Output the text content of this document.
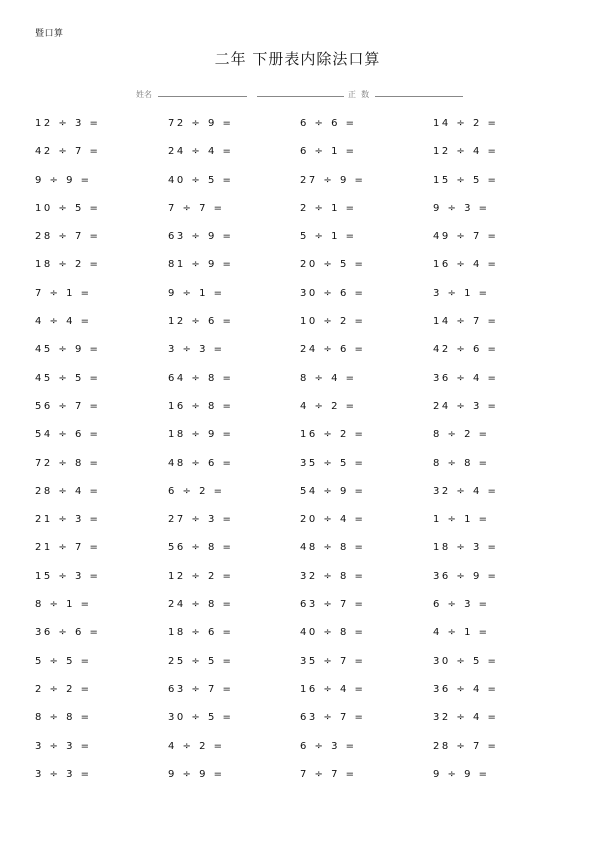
暨口算
二年 下册表内除法口算
姓名	正  数
12 ÷ 3 =	72 ÷ 9 =	6 ÷ 6 =	14 ÷ 2 =
42 ÷ 7 =	24 ÷ 4 =	6 ÷ 1 =	12 ÷ 4 =
9 ÷ 9 =	40 ÷ 5 =	27 ÷ 9 =	15 ÷ 5 =
10 ÷ 5 =	7 ÷ 7 =	2 ÷ 1 =	9 ÷ 3 =
28 ÷ 7 =	63 ÷ 9 =	5 ÷ 1 =	49 ÷ 7 =
18 ÷ 2 =	81 ÷ 9 =	20 ÷ 5 =	16 ÷ 4 =
7 ÷ 1 =	9 ÷ 1 =	30 ÷ 6 =	3 ÷ 1 =
4 ÷ 4 =	12 ÷ 6 =	10 ÷ 2 =	14 ÷ 7 =
45 ÷ 9 =	3 ÷ 3 =	24 ÷ 6 =	42 ÷ 6 =
45 ÷ 5 =	64 ÷ 8 =	8 ÷ 4 =	36 ÷ 4 =
56 ÷ 7 =	16 ÷ 8 =	4 ÷ 2 =	24 ÷ 3 =
54 ÷ 6 =	18 ÷ 9 =	16 ÷ 2 =	8 ÷ 2 =
72 ÷ 8 =	48 ÷ 6 =	35 ÷ 5 =	8 ÷ 8 =
28 ÷ 4 =	6 ÷ 2 =	54 ÷ 9 =	32 ÷ 4 =
21 ÷ 3 =	27 ÷ 3 =	20 ÷ 4 =	1 ÷ 1 =
21 ÷ 7 =	56 ÷ 8 =	48 ÷ 8 =	18 ÷ 3 =
15 ÷ 3 =	12 ÷ 2 =	32 ÷ 8 =	36 ÷ 9 =
8 ÷ 1 =	24 ÷ 8 =	63 ÷ 7 =	6 ÷ 3 =
36 ÷ 6 =	18 ÷ 6 =	40 ÷ 8 =	4 ÷ 1 =
5 ÷ 5 =	25 ÷ 5 =	35 ÷ 7 =	30 ÷ 5 =
2 ÷ 2 =	63 ÷ 7 =	16 ÷ 4 =	36 ÷ 4 =
8 ÷ 8 =	30 ÷ 5 =	63 ÷ 7 =	32 ÷ 4 =
3 ÷ 3 =	4 ÷ 2 =	6 ÷ 3 =	28 ÷ 7 =
3 ÷ 3 =	9 ÷ 9 =	7 ÷ 7 =	9 ÷ 9 =
